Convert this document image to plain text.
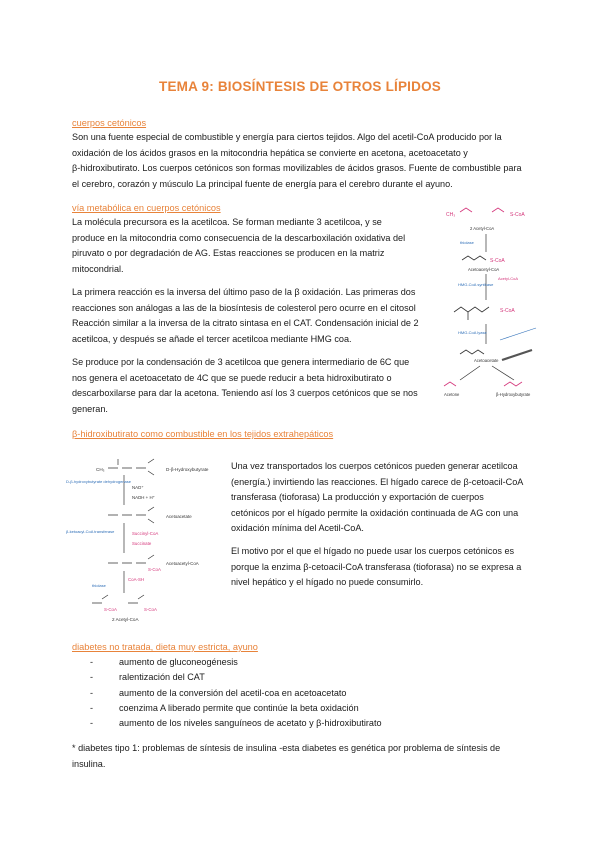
TEMA 9: BIOSÍNTESIS DE OTROS LÍPIDOS
cuerpos cetónicos
Son una fuente especial de combustible y energía para ciertos tejidos. Algo del acetil-CoA producido por la
oxidación de los ácidos grasos en la mitocondria hepática se convierte en acetona, acetoacetato y
β-hidroxibutirato. Los cuerpos cetónicos son formas movilizables de ácidos grasos. Fuente de combustible para
el cerebro, corazón y músculo La principal fuente de energía para el cerebro durante el ayuno.
vía metabólica en cuerpos cetónicos
La molécula precursora es la acetilcoa. Se forman mediante 3 acetilcoa, y se
produce en la mitocondria como consecuencia de la descarboxilación oxidativa del
piruvato o por degradación de AG. Estas reacciones se producen en la matriz
mitocondrial.
La primera reacción es la inversa del último paso de la β oxidación. Las primeras dos
reacciones son análogas a las de la biosíntesis de colesterol pero ocurre en el citosol
Reacción similar a la inversa de la citrato sintasa en el CAT. Condensación inicial de 2
acetilcoa, y después se añade el tercer acetilcoa mediante HMG coa.
Se produce por la condensación de 3 acetilcoa que genera intermediario de 6C que
nos genera el acetoacetato de 4C que se puede reducir a beta hidroxibutirato o
descarboxilarse para dar la acetona. Teniendo así los 3 cuerpos cetónicos que se nos
generan.
CH₃	S-CoA
2 Acetyl-CoA
thiolase
S-CoA
Acetoacetyl-CoA
HMG-CoA synthase
Acetyl-CoA
S-CoA
HMG-CoA lyase
Acetoacetate
Acetone	β-Hydroxybutyrate
β-hidroxibutirato como combustible en los tejidos extrahepáticos
CH₃	D-β-Hydroxybutyrate
D-β-hydroxybutyrate dehydrogenase
NAD⁺
NADH + H⁺
Acetoacetate
β-ketoacyl-CoA transferase	Succinyl-CoA
Succinate
S-CoA
Acetoacetyl-CoA
CoA-SH
thiolase
S-CoA	S-CoA
2 Acetyl-CoA
Una vez transportados los cuerpos cetónicos pueden generar acetilcoa
(energía.) invirtiendo las reacciones. El hígado carece de β-cetoacil-CoA
transferasa (tioforasa) La producción y exportación de cuerpos
cetónicos por el hígado permite la oxidación continuada de AG con una
oxidación mínima del Acetil-CoA.
El motivo por el que el hígado no puede usar los cuerpos cetónicos es
porque la enzima β-cetoacil-CoA transferasa (tioforasa) no se expresa a
nivel hepático y el hígado no puede consumirlo.
diabetes no tratada, dieta muy estricta, ayuno
-	aumento de gluconeogénesis
-	ralentización del CAT
-	aumento de la conversión del acetil-coa en acetoacetato
-	coenzima A liberado permite que continúe la beta oxidación
-	aumento de los niveles sanguíneos de acetato y β-hidroxibutirato
* diabetes tipo 1: problemas de síntesis de insulina -esta diabetes es genética por problema de síntesis de
insulina.
